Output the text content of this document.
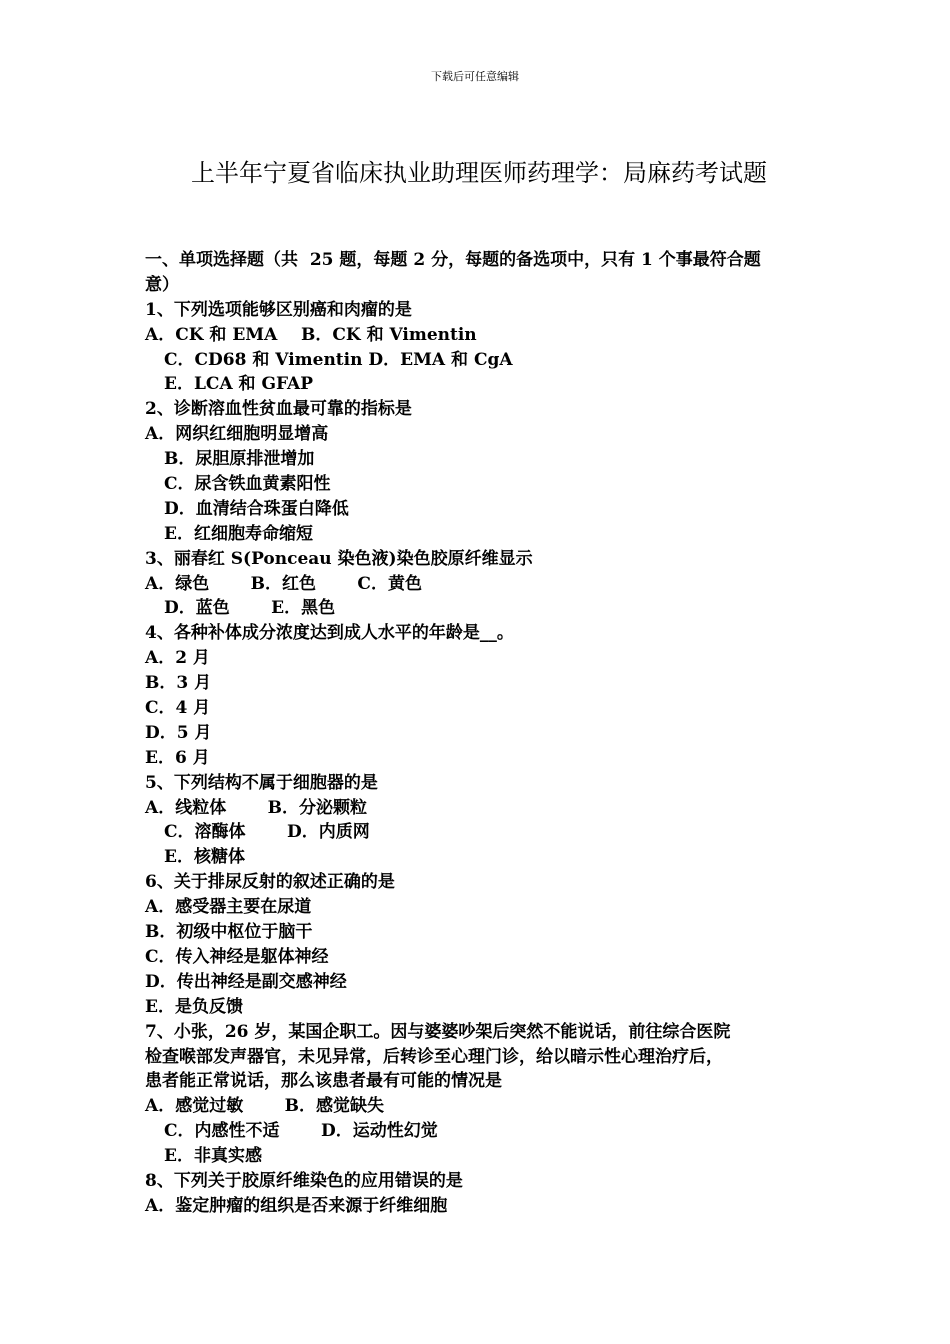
下载后可任意编辑
上半年宁夏省临床执业助理医师药理学：局麻药考试题
一、单项选择题（共  25 题，每题 2 分，每题的备选项中，只有 1 个事最符合题
意）
1、下列选项能够区别癌和肉瘤的是
A．CK 和 EMA    B．CK 和 Vimentin
C．CD68 和 Vimentin D．EMA 和 CgA
E．LCA 和 GFAP
2、诊断溶血性贫血最可靠的指标是
A．网织红细胞明显增高
B．尿胆原排泄增加
C．尿含铁血黄素阳性
D．血清结合珠蛋白降低
E．红细胞寿命缩短
3、丽春红 S(Ponceau 染色液)染色胶原纤维显示
A．绿色       B．红色       C．黄色
D．蓝色       E．黑色
4、各种补体成分浓度达到成人水平的年龄是__。
A．2 月
B．3 月
C．4 月
D．5 月
E．6 月
5、下列结构不属于细胞器的是
A．线粒体       B．分泌颗粒
C．溶酶体       D．内质网
E．核糖体
6、关于排尿反射的叙述正确的是
A．感受器主要在尿道
B．初级中枢位于脑干
C．传入神经是躯体神经
D．传出神经是副交感神经
E．是负反馈
7、小张，26 岁，某国企职工。因与婆婆吵架后突然不能说话，前往综合医院
检查喉部发声器官，未见异常，后转诊至心理门诊，给以暗示性心理治疗后，
患者能正常说话，那么该患者最有可能的情况是
A．感觉过敏       B．感觉缺失
C．内感性不适       D．运动性幻觉
E．非真实感
8、下列关于胶原纤维染色的应用错误的是
A．鉴定肿瘤的组织是否来源于纤维细胞
